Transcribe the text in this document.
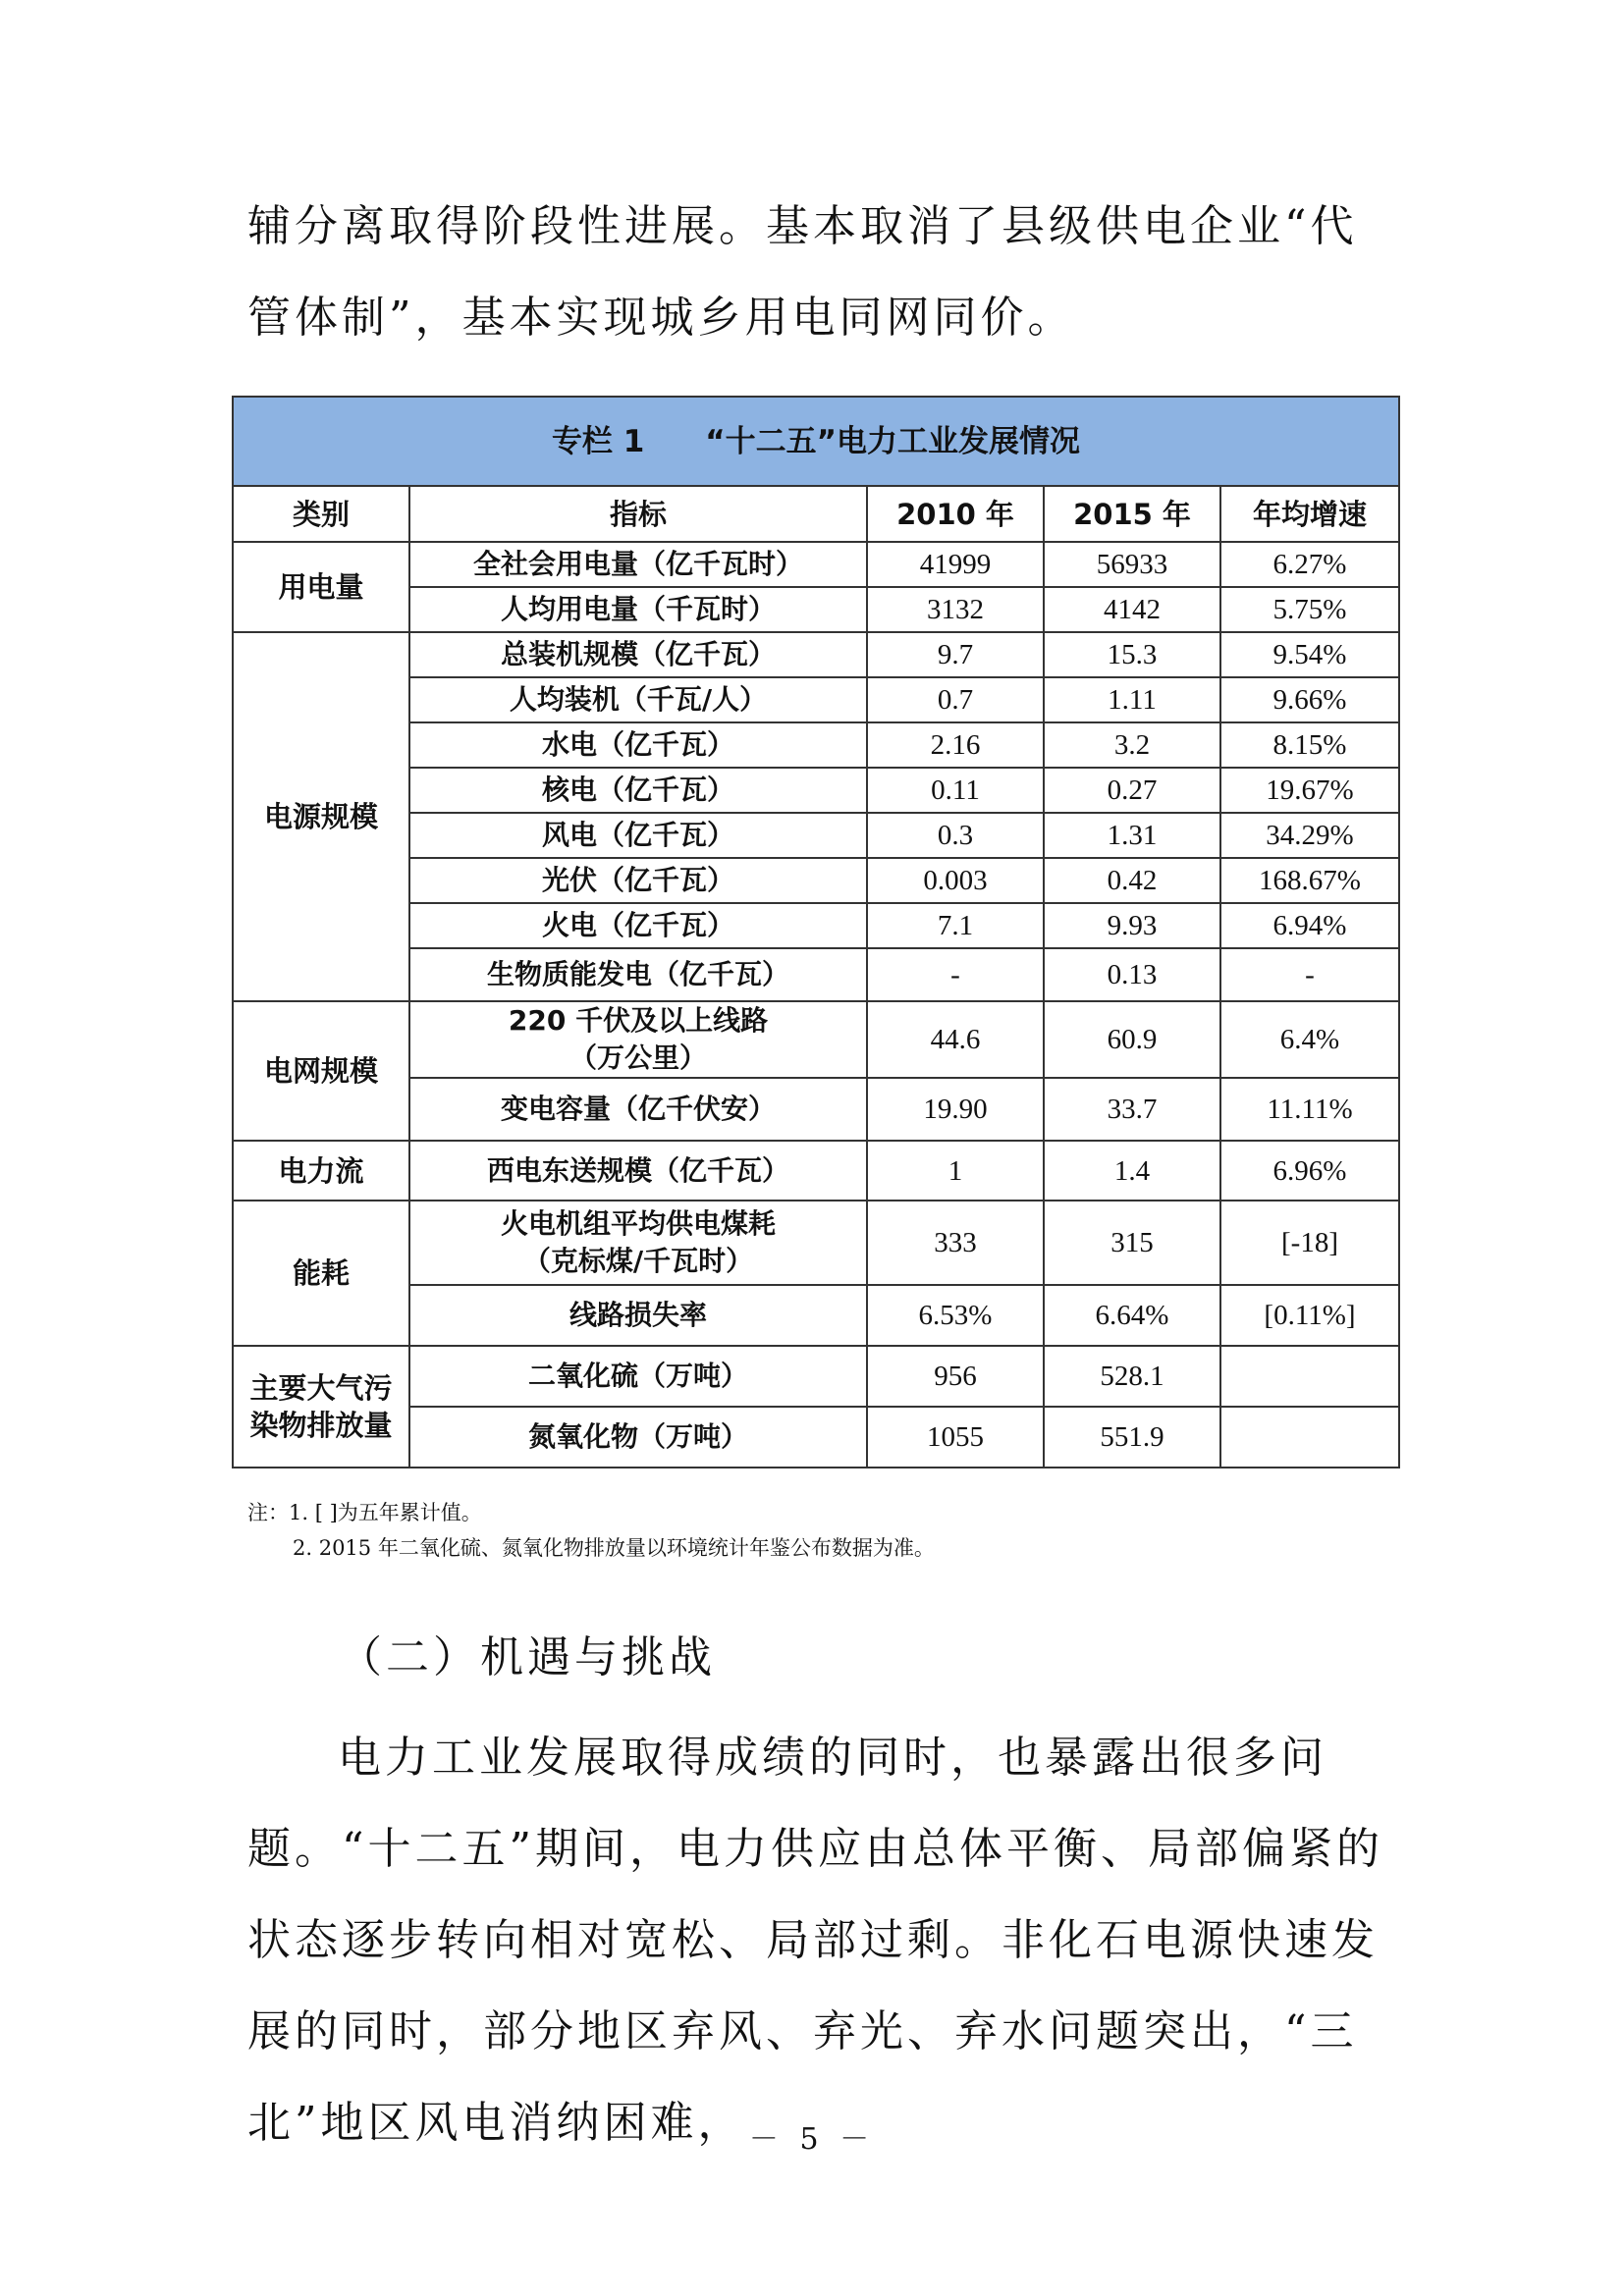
辅分离取得阶段性进展。基本取消了县级供电企业“代管体制”，基本实现城乡用电同网同价。

专栏 1　　“十二五”电力工业发展情况				
类别	指标	2010 年	2015 年	年均增速
用电量	全社会用电量（亿千瓦时）	41999	56933	6.27%
	人均用电量（千瓦时）	3132	4142	5.75%
电源规模	总装机规模（亿千瓦）	9.7	15.3	9.54%
	人均装机（千瓦/人）	0.7	1.11	9.66%
	水电（亿千瓦）	2.16	3.2	8.15%
	核电（亿千瓦）	0.11	0.27	19.67%
	风电（亿千瓦）	0.3	1.31	34.29%
	光伏（亿千瓦）	0.003	0.42	168.67%
	火电（亿千瓦）	7.1	9.93	6.94%
	生物质能发电（亿千瓦）	-	0.13	-
电网规模	220 千伏及以上线路
（万公里）	44.6	60.9	6.4%
	变电容量（亿千伏安）	19.90	33.7	11.11%
电力流	西电东送规模（亿千瓦）	1	1.4	6.96%
能耗	火电机组平均供电煤耗
（克标煤/千瓦时）	333	315	[-18]
	线路损失率	6.53%	6.64%	[0.11%]

主要大气污
染物排放量	二氧化硫（万吨）	956	528.1	
	氮氧化物（万吨）	1055	551.9	
注：1. [ ]为五年累计值。
2. 2015 年二氧化硫、氮氧化物排放量以环境统计年鉴公布数据为准。
（二）机遇与挑战

电力工业发展取得成绩的同时，也暴露出很多问题。“十二五”期间，电力供应由总体平衡、局部偏紧的状态逐步转向相对宽松、局部过剩。非化石电源快速发展的同时，部分地区弃风、弃光、弃水问题突出，“三北”地区风电消纳困难， － 5 －
